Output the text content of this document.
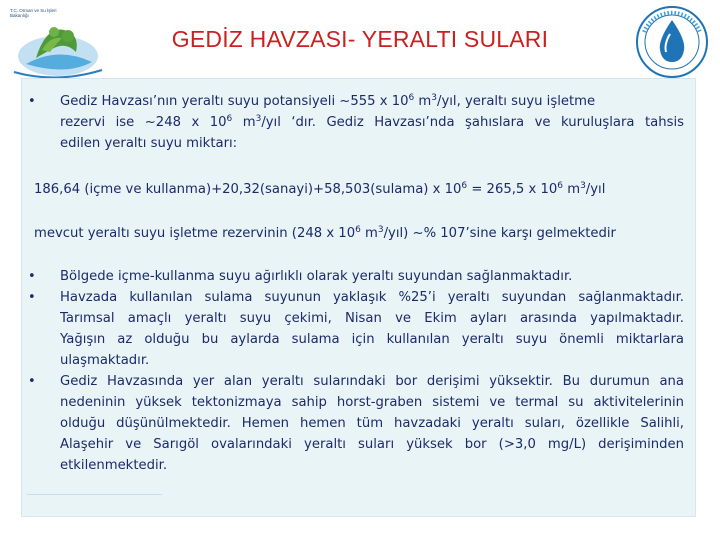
T.C. Orman ve Su İşleri Bakanlığı
GEDİZ HAVZASI- YERALTI SULARI
• Gediz Havzası’nın yeraltı suyu potansiyeli ~555 x $10^6$ $m^3$/yıl, yeraltı suyu işletme
rezervi ise ~248 x $10^6$ $m^3$/yıl ‘dır. Gediz Havzası’nda şahıslara ve kuruluşlara tahsis
edilen yeraltı suyu miktarı:
186,64 (içme ve kullanma)+20,32(sanayi)+58,503(sulama) x $10^6 = 265,5$ x $10^6$ $m^3$/yıl
mevcut yeraltı suyu işletme rezervinin (248 x $10^6$ $m^3/yıl$) ~% 107’sine karşı gelmektedir
• Bölgede içme-kullanma suyu ağırlıklı olarak yeraltı suyundan sağlanmaktadır.
• Havzada kullanılan sulama suyunun yaklaşık %25’i yeraltı suyundan sağlanmaktadır.
Tarımsal amaçlı yeraltı suyu çekimi, Nisan ve Ekim ayları arasında yapılmaktadır.
Yağışın az olduğu bu aylarda sulama için kullanılan yeraltı suyu önemli miktarlara
ulaşmaktadır.
• Gediz Havzasında yer alan yeraltı sularındaki bor derişimi yüksektir. Bu durumun ana
nedeninin yüksek tektonizmaya sahip horst-graben sistemi ve termal su aktivitelerinin
olduğu düşünülmektedir. Hemen hemen tüm havzadaki yeraltı suları, özellikle Salihli,
Alaşehir ve Sarıgöl ovalarındaki yeraltı suları yüksek bor (>3,0 mg/L) derişiminden
etkilenmektedir.
